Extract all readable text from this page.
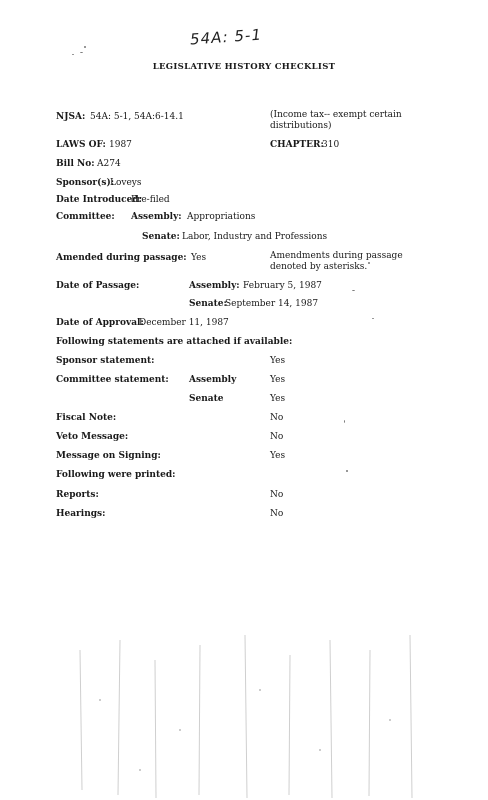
54A: 5-1
LEGISLATIVE HISTORY CHECKLIST
NJSA: 54A: 5-1, 54A:6-14.1	(Income tax-- exempt certain distributions)
LAWS OF: 1987	CHAPTER:
310
Bill No: A274
Sponsor(s):
Loveys
Date Introduced:
Pre-filed
Committee: Assembly: Appropriations
Senate: Labor, Industry and Professions
Amended during passage: Yes	Amendments during passage denoted by asterisks.
Date of Passage:	Assembly: February 5, 1987
Senate:
September 14, 1987
Date of Approval:
December 11, 1987
Following statements are attached if available:
Sponsor statement:	Yes
Committee statement: Assembly	Yes
Senate	Yes
Fiscal Note:	No
Veto Message:	No
Message on Signing:	Yes
Following were printed:
Reports:	No
Hearings:	No
